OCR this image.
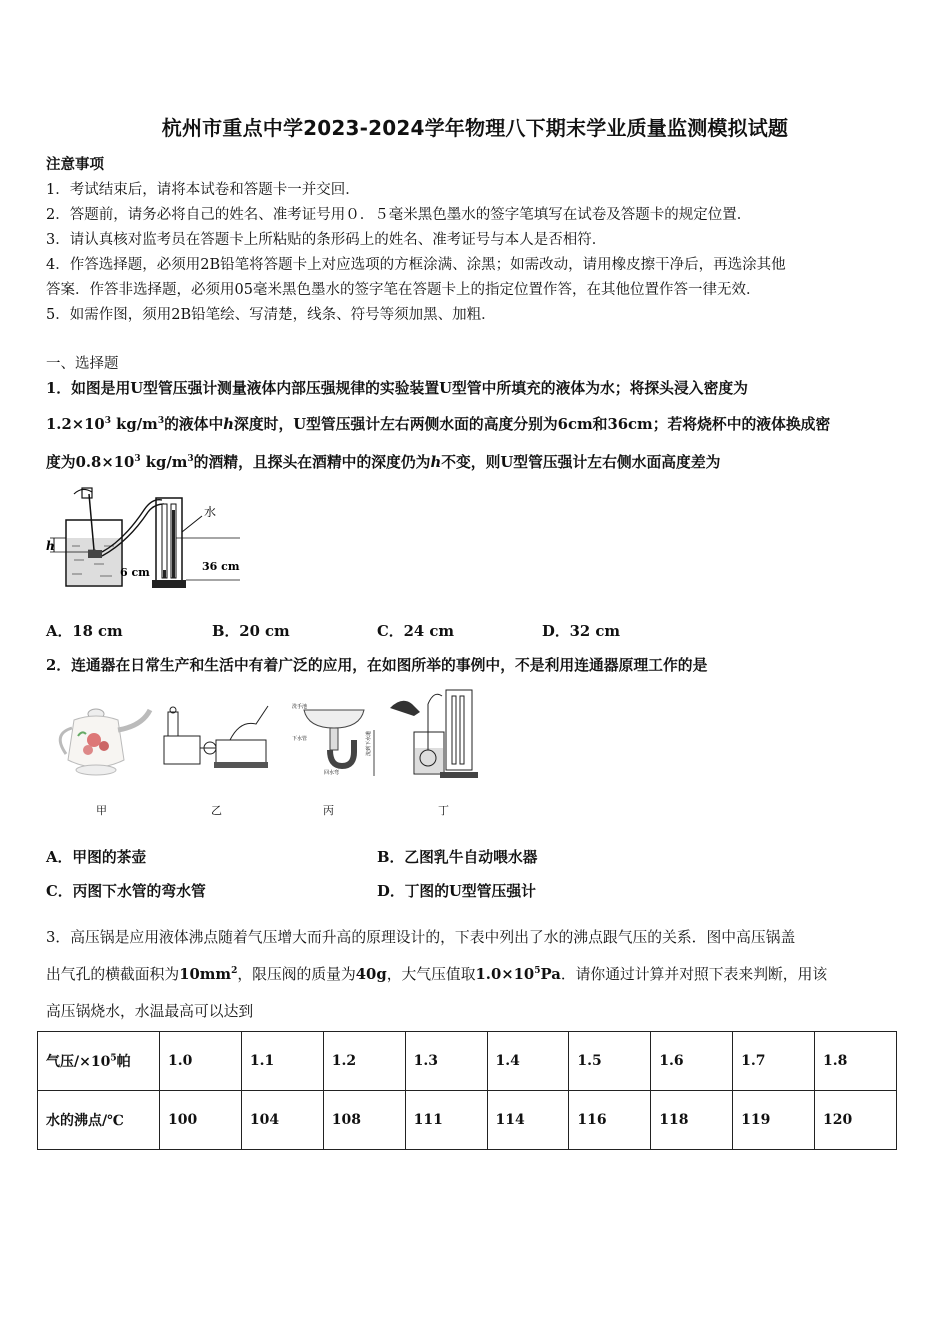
杭州市重点中学2023-2024学年物理八下期末学业质量监测模拟试题
注意事项
1．考试结束后，请将本试卷和答题卡一并交回．
2．答题前，请务必将自己的姓名、准考证号用０．５毫米黑色墨水的签字笔填写在试卷及答题卡的规定位置．
3．请认真核对监考员在答题卡上所粘贴的条形码上的姓名、准考证号与本人是否相符．
4．作答选择题，必须用2B铅笔将答题卡上对应选项的方框涂满、涂黑；如需改动，请用橡皮擦干净后，再选涂其他
答案．作答非选择题，必须用05毫米黑色墨水的签字笔在答题卡上的指定位置作答，在其他位置作答一律无效．
5．如需作图，须用2B铅笔绘、写清楚，线条、符号等须加黑、加粗．
一、选择题
1．如图是用U型管压强计测量液体内部压强规律的实验装置U型管中所填充的液体为水；将探头浸入密度为
$1.2\times 10^3$ $kg/m^3$的液体中h深度时，U型管压强计左右两侧水面的高度分别为6cm和36cm；若将烧杯中的液体换成密
度为$0.8\times 10^3$ $kg/m^3$的酒精，且探头在酒精中的深度仍为h不变，则U型管压强计左右侧水面高度差为
h
水
6 cm	36 cm
A．18 cm	B．20 cm	C．24 cm	D．32 cm
2．连通器在日常生产和生活中有着广泛的应用，在如图所举的事例中，不是利用连通器原理工作的是
洗手池
下水管
回水弯
流到下水道
甲	乙	丙	丁
A．甲图的茶壶	B．乙图乳牛自动喂水器
C．丙图下水管的弯水管	D．丁图的U型管压强计
3．高压锅是应用液体沸点随着气压增大而升高的原理设计的，下表中列出了水的沸点跟气压的关系．图中高压锅盖
出气孔的横截面积为$10mm^2$，限压阀的质量为40g，大气压值取$1.0\times 10^5Pa$．请你通过计算并对照下表来判断，用该
高压锅烧水，水温最高可以达到
气压$/\times 10^5$帕	1.0	1.1	1.2	1.3	1.4	1.5	1.6	1.7	1.8
水的沸点/℃	100	104	108	111	114	116	118	119	120
